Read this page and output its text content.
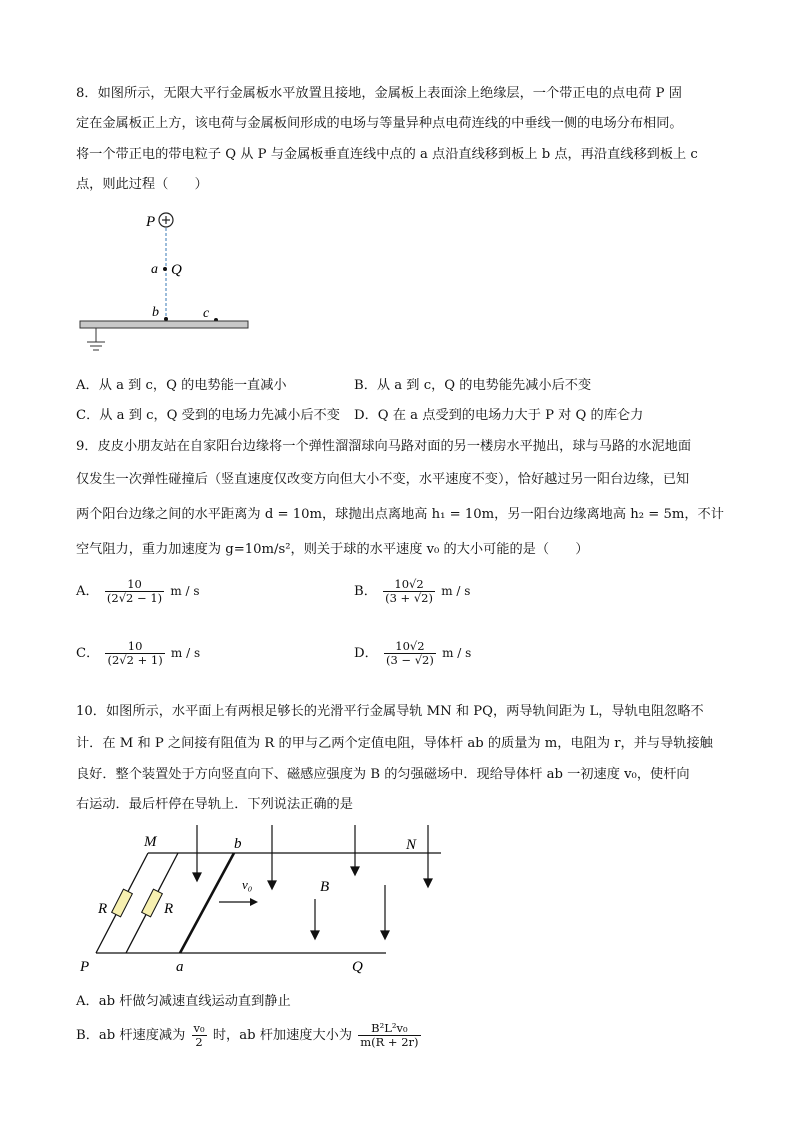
8．如图所示，无限大平行金属板水平放置且接地，金属板上表面涂上绝缘层，一个带正电的点电荷 P 固
定在金属板正上方，该电荷与金属板间形成的电场与等量异种点电荷连线的中垂线一侧的电场分布相同。
将一个带正电的带电粒子 Q 从 P 与金属板垂直连线中点的 a 点沿直线移到板上 b 点，再沿直线移到板上 c
点，则此过程（　　）
P
a Q
b	c
A．从 a 到 c，Q 的电势能一直减小	B．从 a 到 c，Q 的电势能先减小后不变
C．从 a 到 c，Q 受到的电场力先减小后不变 D．Q 在 a 点受到的电场力大于 P 对 Q 的库仑力
9．皮皮小朋友站在自家阳台边缘将一个弹性溜溜球向马路对面的另一楼房水平抛出，球与马路的水泥地面
仅发生一次弹性碰撞后（竖直速度仅改变方向但大小不变，水平速度不变），恰好越过另一阳台边缘，已知
两个阳台边缘之间的水平距离为 d = 10m，球抛出点离地高 h₁ = 10m，另一阳台边缘离地高 h₂ = 5m，不计
空气阻力，重力加速度为 g=10m/s²，则关于球的水平速度 v₀ 的大小可能的是（　　）
A． $\frac{10}{(2√2 - 1)}$ m / s	B． $\frac{10√2}{(3 + √2)}$ m / s
C． $\frac{10}{(2√2 + 1)}$ m / s	D． $\frac{10√2}{(3 - √2)}$ m / s
10．如图所示，水平面上有两根足够长的光滑平行金属导轨 MN 和 PQ，两导轨间距为 L，导轨电阻忽略不
计．在 M 和 P 之间接有阻值为 R 的甲与乙两个定值电阻，导体杆 ab 的质量为 m，电阻为 r，并与导轨接触
良好．整个装置处于方向竖直向下、磁感应强度为 B 的匀强磁场中．现给导体杆 ab 一初速度 v₀，使杆向
右运动．最后杆停在导轨上．下列说法正确的是
R	R
M	N
P	Q
a
b
B
v₀
A．ab 杆做匀减速直线运动直到静止
B．ab 杆速度减为 $\frac{\text{v₀}}{2}$ 时，ab 杆加速度大小为 $\frac{\text{B²L²v₀}}{m(R + 2r)}$
